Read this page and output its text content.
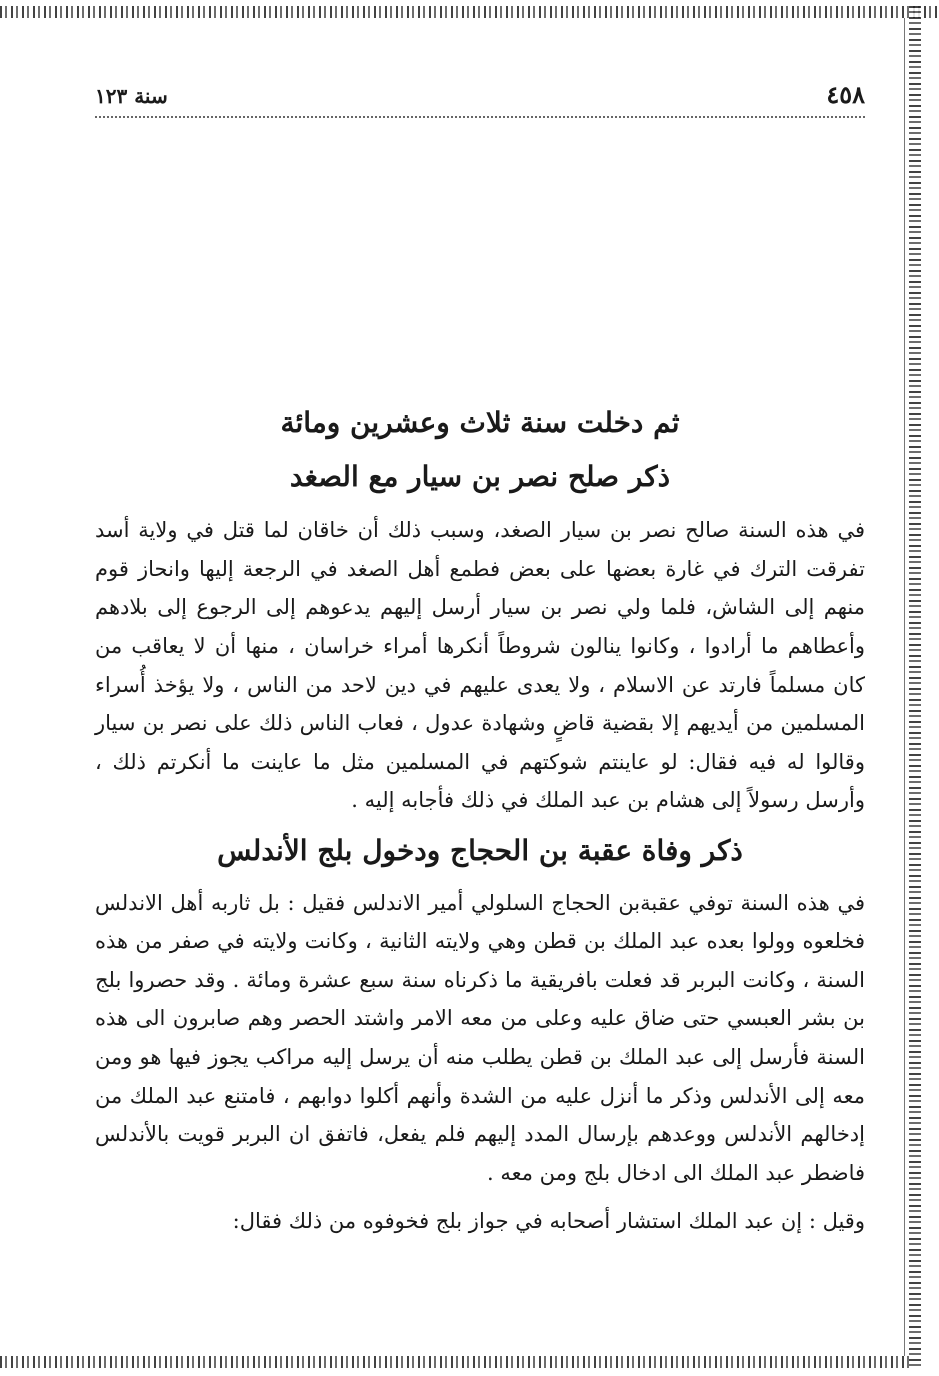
٤٥٨
سنة ١٢٣
ثم دخلت سنة ثلاث وعشرين ومائة
ذكر صلح نصر بن سيار مع الصغد

في هذه السنة صالح نصر بن سيار الصغد، وسبب ذلك أن خاقان لما قتل في ولاية أسد تفرقت الترك في غارة بعضها على بعض فطمع أهل الصغد في الرجعة إليها وانحاز قوم منهم إلى الشاش، فلما ولي نصر بن سيار أرسل إليهم يدعوهم إلى الرجوع إلى بلادهم وأعطاهم ما أرادوا ، وكانوا ينالون شروطاً أنكرها أمراء خراسان ، منها أن لا يعاقب من كان مسلماً فارتد عن الاسلام ، ولا يعدى عليهم في دين لاحد من الناس ، ولا يؤخذ أُسراء المسلمين من أيديهم إلا بقضية قاضٍ وشهادة عدول ، فعاب الناس ذلك على نصر بن سيار وقالوا له فيه فقال: لو عاينتم شوكتهم في المسلمين مثل ما عاينت ما أنكرتم ذلك ، وأرسل رسولاً إلى هشام بن عبد الملك في ذلك فأجابه إليه .

ذكر وفاة عقبة بن الحجاج ودخول بلج الأندلس

في هذه السنة توفي عقبةبن الحجاج السلولي أمير الاندلس فقيل : بل ثاربه أهل الاندلس فخلعوه وولوا بعده عبد الملك بن قطن وهي ولايته الثانية ، وكانت ولايته في صفر من هذه السنة ، وكانت البربر قد فعلت بافريقية ما ذكرناه سنة سبع عشرة ومائة . وقد حصروا بلج بن بشر العبسي حتى ضاق عليه وعلى من معه الامر واشتد الحصر وهم صابرون الى هذه السنة فأرسل إلى عبد الملك بن قطن يطلب منه أن يرسل إليه مراكب يجوز فيها هو ومن معه إلى الأندلس وذكر ما أنزل عليه من الشدة وأنهم أكلوا دوابهم ، فامتنع عبد الملك من إدخالهم الأندلس ووعدهم بإرسال المدد إليهم فلم يفعل، فاتفق ان البربر قويت بالأندلس فاضطر عبد الملك الى ادخال بلج ومن معه .

وقيل : إن عبد الملك استشار أصحابه في جواز بلج فخوفوه من ذلك فقال:
